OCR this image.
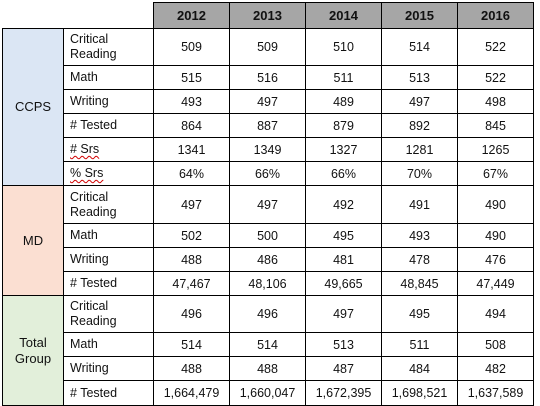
		2012	2013	2014	2015	2016
CCPS	Critical Reading	509	509	510	514	522
	Math	515	516	511	513	522
	Writing	493	497	489	497	498
	# Tested	864	887	879	892	845
	# Srs	1341	1349	1327	1281	1265
	% Srs	64%	66%	66%	70%	67%
MD	Critical Reading	497	497	492	491	490
	Math	502	500	495	493	490
	Writing	488	486	481	478	476
	# Tested	47,467	48,106	49,665	48,845	47,449
Total Group	Critical Reading	496	496	497	495	494
	Math	514	514	513	511	508
	Writing	488	488	487	484	482
	# Tested	1,664,479	1,660,047	1,672,395	1,698,521	1,637,589
